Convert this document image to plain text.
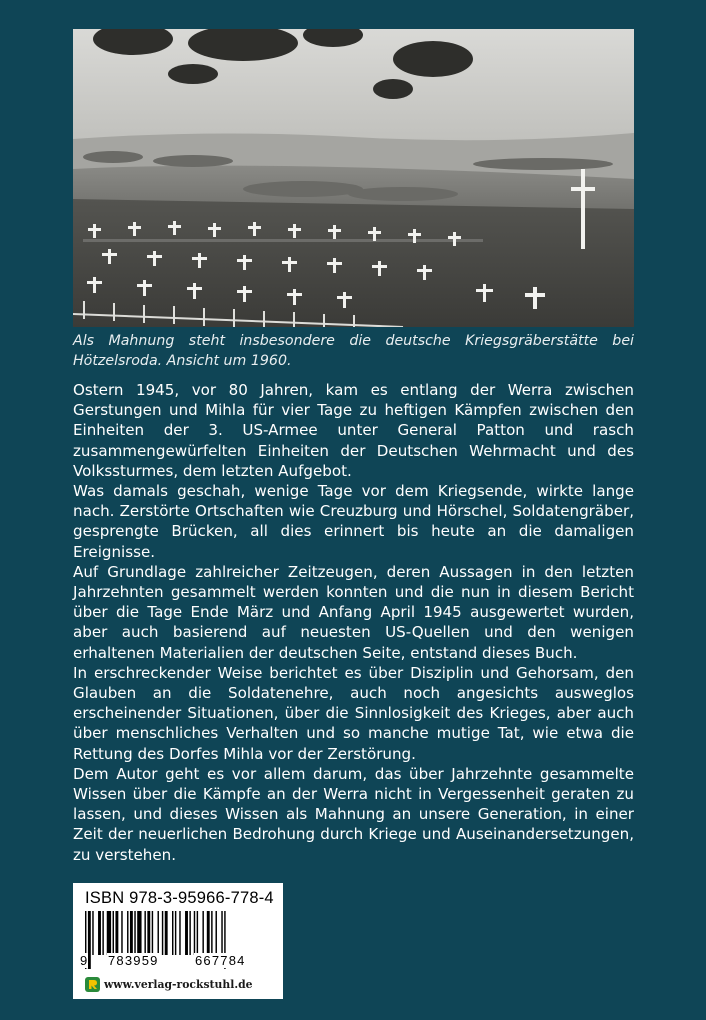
Als Mahnung steht insbesondere die deutsche Kriegsgräberstätte bei Hötzelsroda. Ansicht um 1960.

Ostern 1945, vor 80 Jahren, kam es entlang der Werra zwischen Gerstungen und Mihla für vier Tage zu heftigen Kämpfen zwischen den Einheiten der 3. US-Armee unter General Patton und rasch zusammengewürfelten Einheiten der Deutschen Wehrmacht und des Volkssturmes, dem letzten Aufgebot.

Was damals geschah, wenige Tage vor dem Kriegsende, wirkte lange nach. Zerstörte Ortschaften wie Creuzburg und Hörschel, Soldatengräber, gesprengte Brücken, all dies erinnert bis heute an die damaligen Ereignisse.

Auf Grundlage zahlreicher Zeitzeugen, deren Aussagen in den letzten Jahrzehnten gesammelt werden konnten und die nun in diesem Bericht über die Tage Ende März und Anfang April 1945 ausgewertet wurden, aber auch basierend auf neuesten US-Quellen und den wenigen erhaltenen Materialien der deutschen Seite, entstand dieses Buch.

In erschreckender Weise berichtet es über Disziplin und Gehorsam, den Glauben an die Soldatenehre, auch noch angesichts ausweglos erscheinender Situationen, über die Sinnlosigkeit des Krieges, aber auch über menschliches Verhalten und so manche mutige Tat, wie etwa die Rettung des Dorfes Mihla vor der Zerstörung.

Dem Autor geht es vor allem darum, das über Jahrzehnte gesammelte Wissen über die Kämpfe an der Werra nicht in Vergessenheit geraten zu lassen, und dieses Wissen als Mahnung an unsere Generation, in einer Zeit der neuerlichen Bedrohung durch Kriege und Auseinandersetzungen, zu verstehen.

ISBN 978-3-95966-778-4
9 783959	667784
www.verlag-rockstuhl.de
